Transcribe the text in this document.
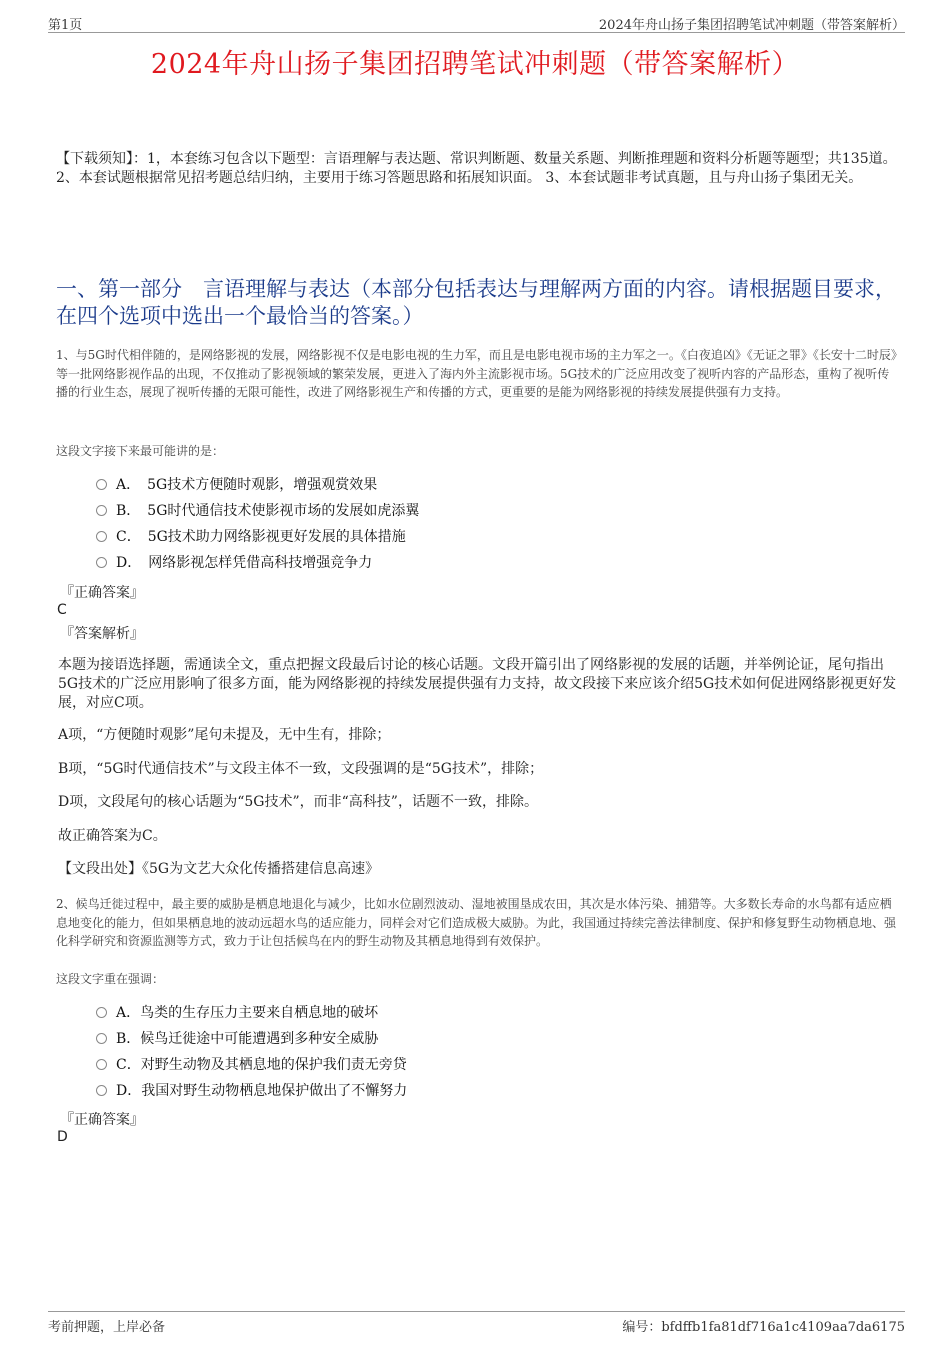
第1页	2024年舟山扬子集团招聘笔试冲刺题（带答案解析）
2024年舟山扬子集团招聘笔试冲刺题（带答案解析）
【下载须知】：1，本套练习包含以下题型：言语理解与表达题、常识判断题、数量关系题、判断推理题和资料分析题等题型；共135道。 2、本套试题根据常见招考题总结归纳，主要用于练习答题思路和拓展知识面。 3、本套试题非考试真题，且与舟山扬子集团无关。
一、第一部分　言语理解与表达（本部分包括表达与理解两方面的内容。请根据题目要求，在四个选项中选出一个最恰当的答案。）
1、与5G时代相伴随的，是网络影视的发展，网络影视不仅是电影电视的生力军，而且是电影电视市场的主力军之一。《白夜追凶》《无证之罪》《长安十二时辰》等一批网络影视作品的出现，不仅推动了影视领域的繁荣发展，更进入了海内外主流影视市场。5G技术的广泛应用改变了视听内容的产品形态，重构了视听传播的行业生态，展现了视听传播的无限可能性，改进了网络影视生产和传播的方式，更重要的是能为网络影视的持续发展提供强有力支持。
这段文字接下来最可能讲的是：
A．　5G技术方便随时观影，增强观赏效果
B．　5G时代通信技术使影视市场的发展如虎添翼
C．　5G技术助力网络影视更好发展的具体措施
D．　网络影视怎样凭借高科技增强竞争力
『正确答案』
C
『答案解析』
本题为接语选择题，需通读全文，重点把握文段最后讨论的核心话题。文段开篇引出了网络影视的发展的话题，并举例论证，尾句指出5G技术的广泛应用影响了很多方面，能为网络影视的持续发展提供强有力支持，故文段接下来应该介绍5G技术如何促进网络影视更好发展，对应C项。
A项，“方便随时观影”尾句未提及，无中生有，排除；
B项，“5G时代通信技术”与文段主体不一致，文段强调的是“5G技术”，排除；
D项，文段尾句的核心话题为“5G技术”，而非“高科技”，话题不一致，排除。
故正确答案为C。
【文段出处】《5G为文艺大众化传播搭建信息高速》
2、候鸟迁徙过程中，最主要的威胁是栖息地退化与减少，比如水位剧烈波动、湿地被围垦成农田，其次是水体污染、捕猎等。大多数长寿命的水鸟都有适应栖息地变化的能力，但如果栖息地的波动远超水鸟的适应能力，同样会对它们造成极大威胁。为此，我国通过持续完善法律制度、保护和修复野生动物栖息地、强化科学研究和资源监测等方式，致力于让包括候鸟在内的野生动物及其栖息地得到有效保护。
这段文字重在强调：
A．鸟类的生存压力主要来自栖息地的破坏
B．候鸟迁徙途中可能遭遇到多种安全威胁
C．对野生动物及其栖息地的保护我们责无旁贷
D．我国对野生动物栖息地保护做出了不懈努力
『正确答案』
D
考前押题，上岸必备	编号：bfdffb1fa81df716a1c4109aa7da6175
